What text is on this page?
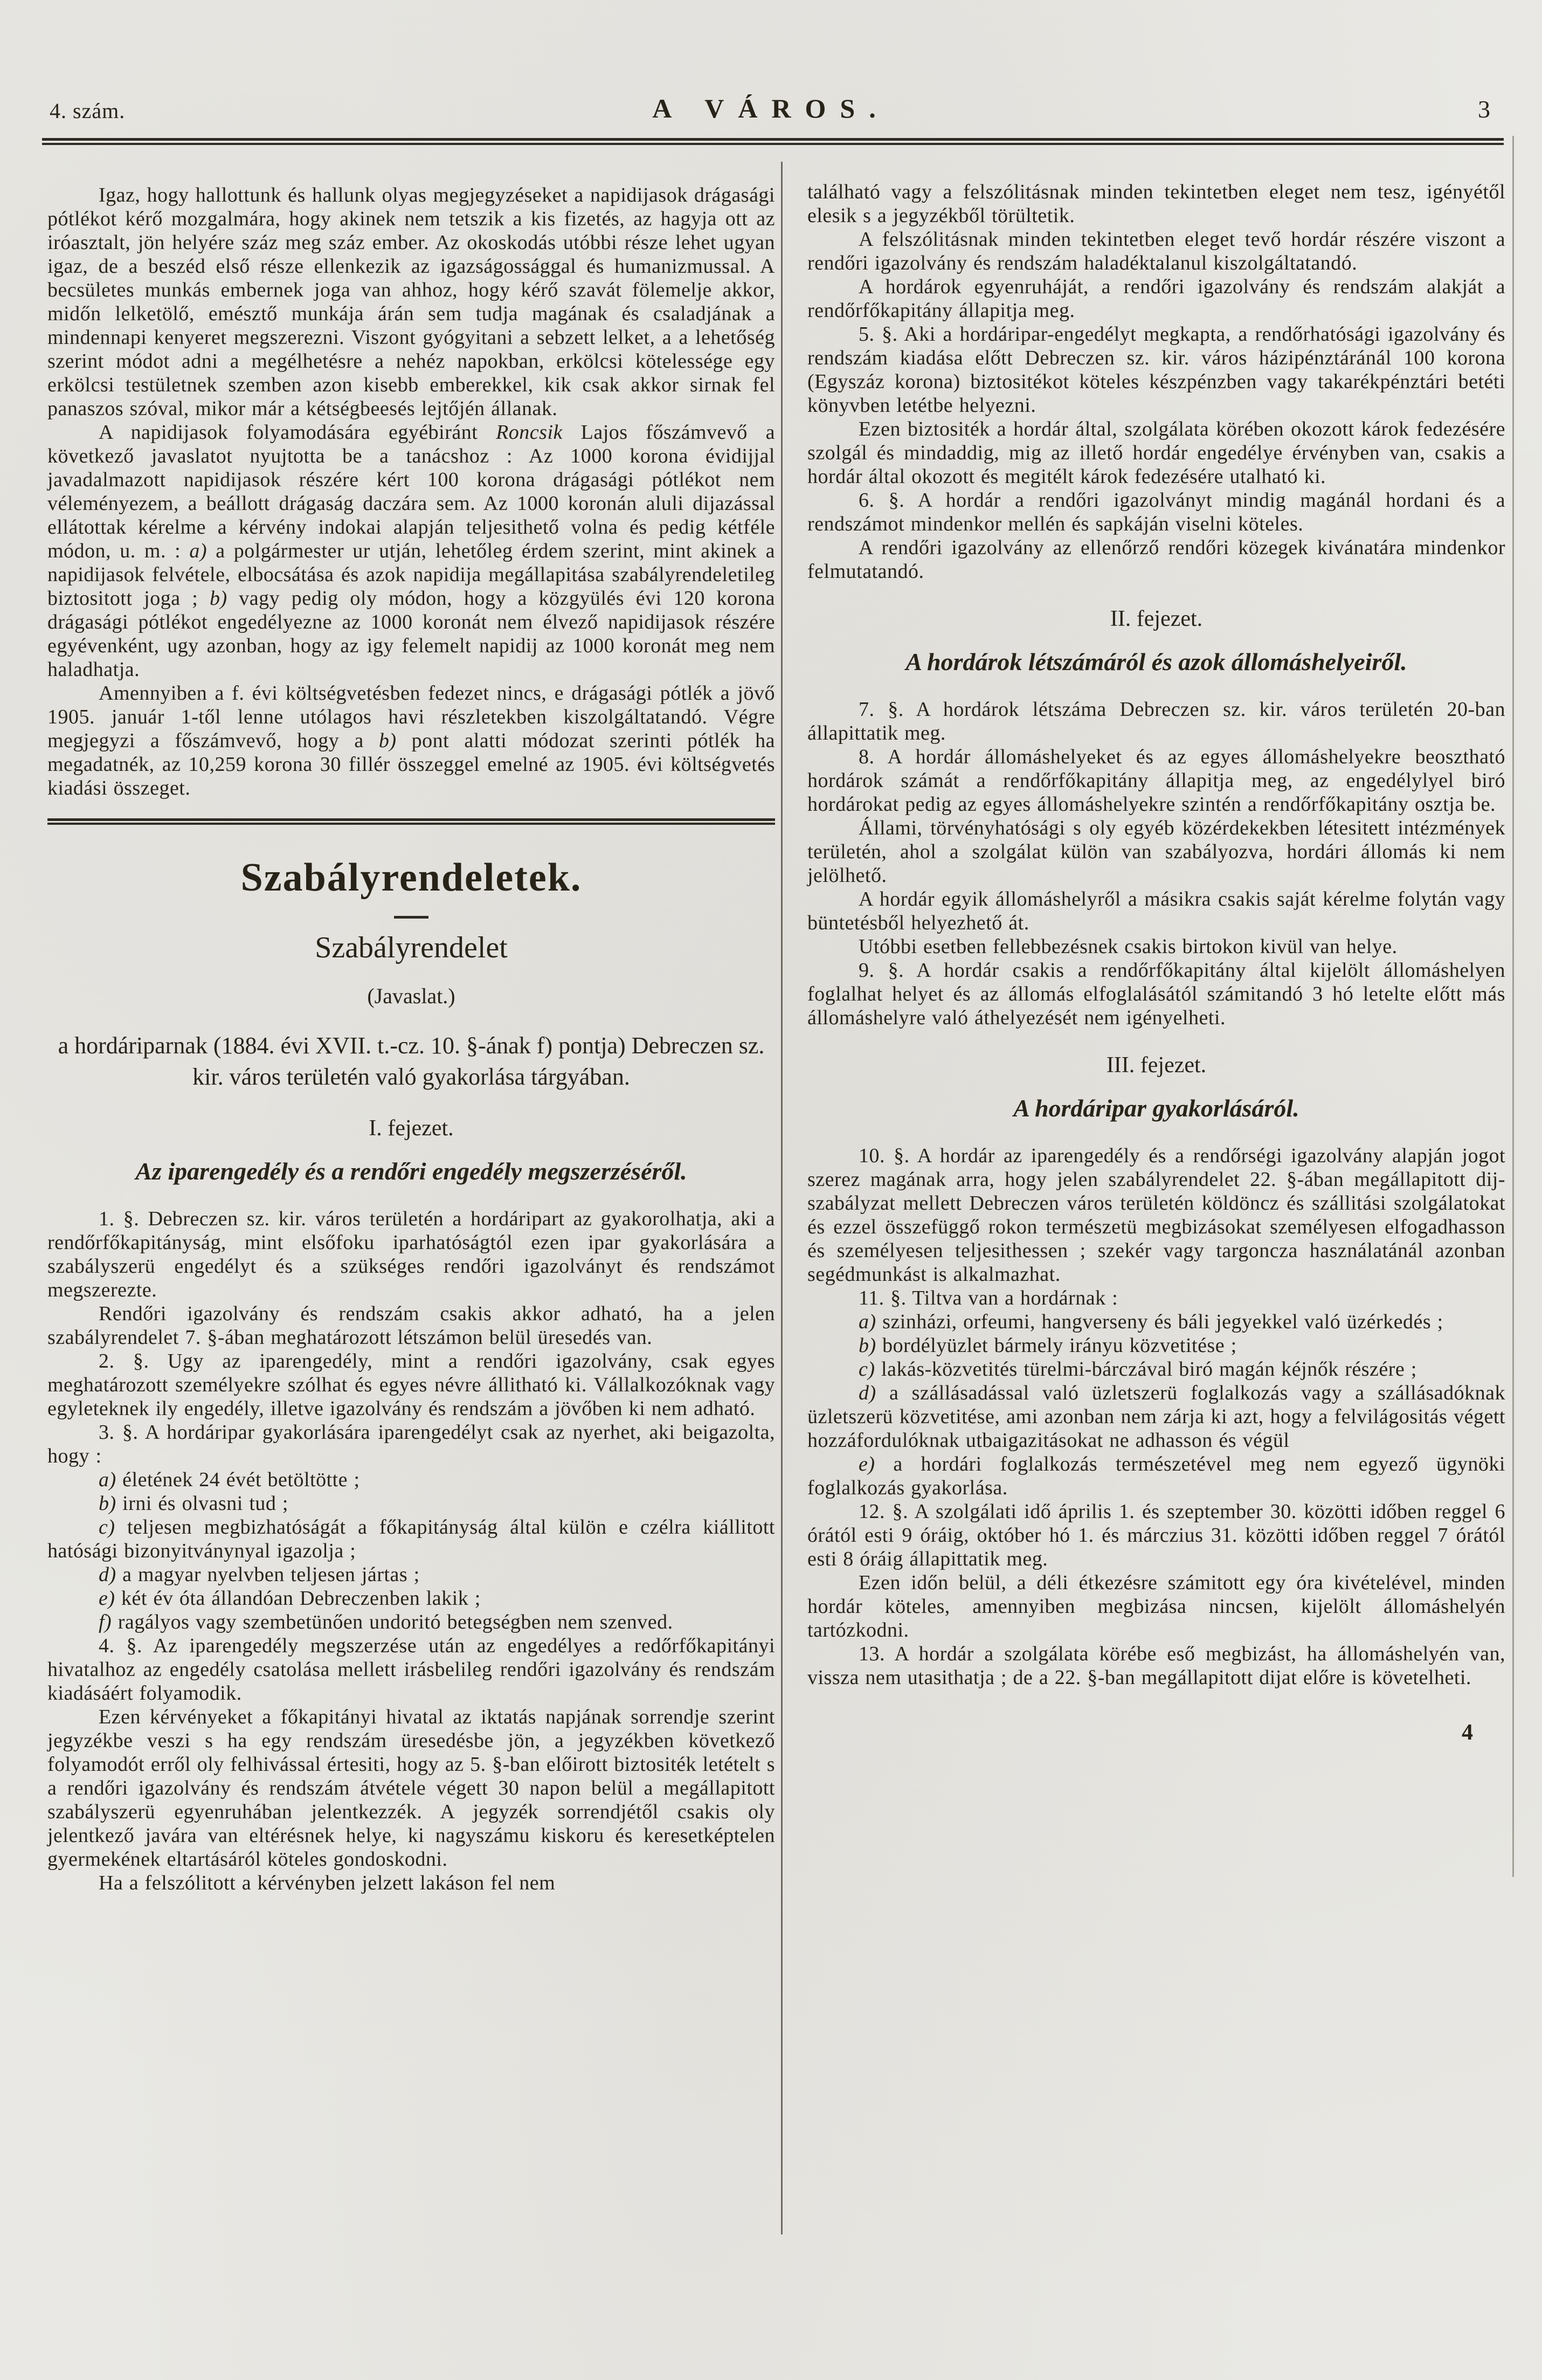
4. szám.	A VÁROS.	3
Igaz, hogy hallottunk és hallunk olyas megjegyzéseket a napidijasok drágasági pótlékot kérő mozgalmára, hogy akinek nem tetszik a kis fizetés, az hagyja ott az iróasztalt, jön helyére száz meg száz ember. Az okoskodás utóbbi része lehet ugyan igaz, de a beszéd első része ellenkezik az igazságossággal és humanizmussal. A becsületes munkás embernek joga van ahhoz, hogy kérő szavát fölemelje akkor, midőn lelketölő, emésztő munkája árán sem tudja magának és csaladjának a mindennapi kenyeret megszerezni. Viszont gyógyitani a sebzett lelket, a a lehetőség szerint módot adni a megélhetésre a nehéz napokban, erkölcsi kötelessége egy erkölcsi testületnek szemben azon kisebb emberekkel, kik csak akkor sirnak fel panaszos szóval, mikor már a kétségbeesés lejtőjén állanak.
A napidijasok folyamodására egyébiránt Roncsik Lajos főszámvevő a következő javaslatot nyujtotta be a tanácshoz : Az 1000 korona évidijjal javadalmazott napidijasok részére kért 100 korona drágasági pótlékot nem véleményezem, a beállott drágaság daczára sem. Az 1000 koronán aluli dijazással ellátottak kérelme a kérvény indokai alapján teljesithető volna és pedig kétféle módon, u. m. : a) a polgármester ur utján, lehetőleg érdem szerint, mint akinek a napidijasok felvétele, elbocsátása és azok napidija megállapitása szabályrendeletileg biztositott joga ; b) vagy pedig oly módon, hogy a közgyülés évi 120 korona drágasági pótlékot engedélyezne az 1000 koronát nem élvező napidijasok részére egyévenként, ugy azonban, hogy az igy felemelt napidij az 1000 koronát meg nem haladhatja.
Amennyiben a f. évi költségvetésben fedezet nincs, e drágasági pótlék a jövő 1905. január 1-től lenne utólagos havi részletekben kiszolgáltatandó. Végre megjegyzi a főszámvevő, hogy a b) pont alatti módozat szerinti pótlék ha megadatnék, az 10,259 korona 30 fillér összeggel emelné az 1905. évi költségvetés kiadási összeget.
Szabályrendeletek.
Szabályrendelet
(Javaslat.)
a hordáriparnak (1884. évi XVII. t.-cz. 10. §-ának f) pontja) Debreczen sz. kir. város területén való gyakorlása tárgyában.
I. fejezet.
Az iparengedély és a rendőri engedély megszerzéséről.
1. §. Debreczen sz. kir. város területén a hordáripart az gyakorolhatja, aki a rendőrfőkapitányság, mint elsőfoku iparhatóságtól ezen ipar gyakorlására a szabályszerü engedélyt és a szükséges rendőri igazolványt és rendszámot megszerezte.
Rendőri igazolvány és rendszám csakis akkor adható, ha a jelen szabályrendelet 7. §-ában meghatározott létszámon belül üresedés van.
2. §. Ugy az iparengedély, mint a rendőri igazolvány, csak egyes meghatározott személyekre szólhat és egyes névre állitható ki. Vállalkozóknak vagy egyleteknek ily engedély, illetve igazolvány és rendszám a jövőben ki nem adható.
3. §. A hordáripar gyakorlására iparengedélyt csak az nyerhet, aki beigazolta, hogy :
a) életének 24 évét betöltötte ;
b) irni és olvasni tud ;
c) teljesen megbizhatóságát a főkapitányság által külön e czélra kiállitott hatósági bizonyitványnyal igazolja ;
d) a magyar nyelvben teljesen jártas ;
e) két év óta állandóan Debreczenben lakik ;
f) ragályos vagy szembetünően undoritó betegségben nem szenved.
4. §. Az iparengedély megszerzése után az engedélyes a redőrfőkapitányi hivatalhoz az engedély csatolása mellett irásbelileg rendőri igazolvány és rendszám kiadásáért folyamodik.
Ezen kérvényeket a főkapitányi hivatal az iktatás napjának sorrendje szerint jegyzékbe veszi s ha egy rendszám üresedésbe jön, a jegyzékben következő folyamodót erről oly felhivással értesiti, hogy az 5. §-ban előirott biztositék letételt s a rendőri igazolvány és rendszám átvétele végett 30 napon belül a megállapitott szabályszerü egyenruhában jelentkezzék. A jegyzék sorrendjétől csakis oly jelentkező javára van eltérésnek helye, ki nagyszámu kiskoru és keresetképtelen gyermekének eltartásáról köteles gondoskodni.
Ha a felszólitott a kérvényben jelzett lakáson fel nem
található vagy a felszólitásnak minden tekintetben eleget nem tesz, igényétől elesik s a jegyzékből törültetik.
A felszólitásnak minden tekintetben eleget tevő hordár részére viszont a rendőri igazolvány és rendszám haladéktalanul kiszolgáltatandó.
A hordárok egyenruháját, a rendőri igazolvány és rendszám alakját a rendőrfőkapitány állapitja meg.
5. §. Aki a hordáripar-engedélyt megkapta, a rendőrhatósági igazolvány és rendszám kiadása előtt Debreczen sz. kir. város házipénztáránál 100 korona (Egyszáz korona) biztositékot köteles készpénzben vagy takarékpénztári betéti könyvben letétbe helyezni.
Ezen biztositék a hordár által, szolgálata körében okozott károk fedezésére szolgál és mindaddig, mig az illető hordár engedélye érvényben van, csakis a hordár által okozott és megitélt károk fedezésére utalható ki.
6. §. A hordár a rendőri igazolványt mindig magánál hordani és a rendszámot mindenkor mellén és sapkáján viselni köteles.
A rendőri igazolvány az ellenőrző rendőri közegek kivánatára mindenkor felmutatandó.
II. fejezet.
A hordárok létszámáról és azok állomáshelyeiről.
7. §. A hordárok létszáma Debreczen sz. kir. város területén 20-ban állapittatik meg.
8. A hordár állomáshelyeket és az egyes állomáshelyekre beosztható hordárok számát a rendőrfőkapitány állapitja meg, az engedélylyel biró hordárokat pedig az egyes állomáshelyekre szintén a rendőrfőkapitány osztja be.
Állami, törvényhatósági s oly egyéb közérdekekben létesitett intézmények területén, ahol a szolgálat külön van szabályozva, hordári állomás ki nem jelölhető.
A hordár egyik állomáshelyről a másikra csakis saját kérelme folytán vagy büntetésből helyezhető át.
Utóbbi esetben fellebbezésnek csakis birtokon kivül van helye.
9. §. A hordár csakis a rendőrfőkapitány által kijelölt állomáshelyen foglalhat helyet és az állomás elfoglalásától számitandó 3 hó letelte előtt más állomáshelyre való áthelyezését nem igényelheti.
III. fejezet.
A hordáripar gyakorlásáról.
10. §. A hordár az iparengedély és a rendőrségi igazolvány alapján jogot szerez magának arra, hogy jelen szabályrendelet 22. §-ában megállapitott dij-szabályzat mellett Debreczen város területén köldöncz és szállitási szolgálatokat és ezzel összefüggő rokon természetü megbizásokat személyesen elfogadhasson és személyesen teljesithessen ; szekér vagy targoncza használatánál azonban segédmunkást is alkalmazhat.
11. §. Tiltva van a hordárnak :
a) szinházi, orfeumi, hangverseny és báli jegyekkel való üzérkedés ;
b) bordélyüzlet bármely irányu közvetitése ;
c) lakás-közvetités türelmi-bárczával biró magán kéjnők részére ;
d) a szállásadással való üzletszerü foglalkozás vagy a szállásadóknak üzletszerü közvetitése, ami azonban nem zárja ki azt, hogy a felvilágositás végett hozzáfordulóknak utbaigazitásokat ne adhasson és végül
e) a hordári foglalkozás természetével meg nem egyező ügynöki foglalkozás gyakorlása.
12. §. A szolgálati idő április 1. és szeptember 30. közötti időben reggel 6 órától esti 9 óráig, október hó 1. és márczius 31. közötti időben reggel 7 órától esti 8 óráig állapittatik meg.
Ezen időn belül, a déli étkezésre számitott egy óra kivételével, minden hordár köteles, amennyiben megbizása nincsen, kijelölt állomáshelyén tartózkodni.
13. A hordár a szolgálata körébe eső megbizást, ha állomáshelyén van, vissza nem utasithatja ; de a 22. §-ban megállapitott dijat előre is követelheti.
4
